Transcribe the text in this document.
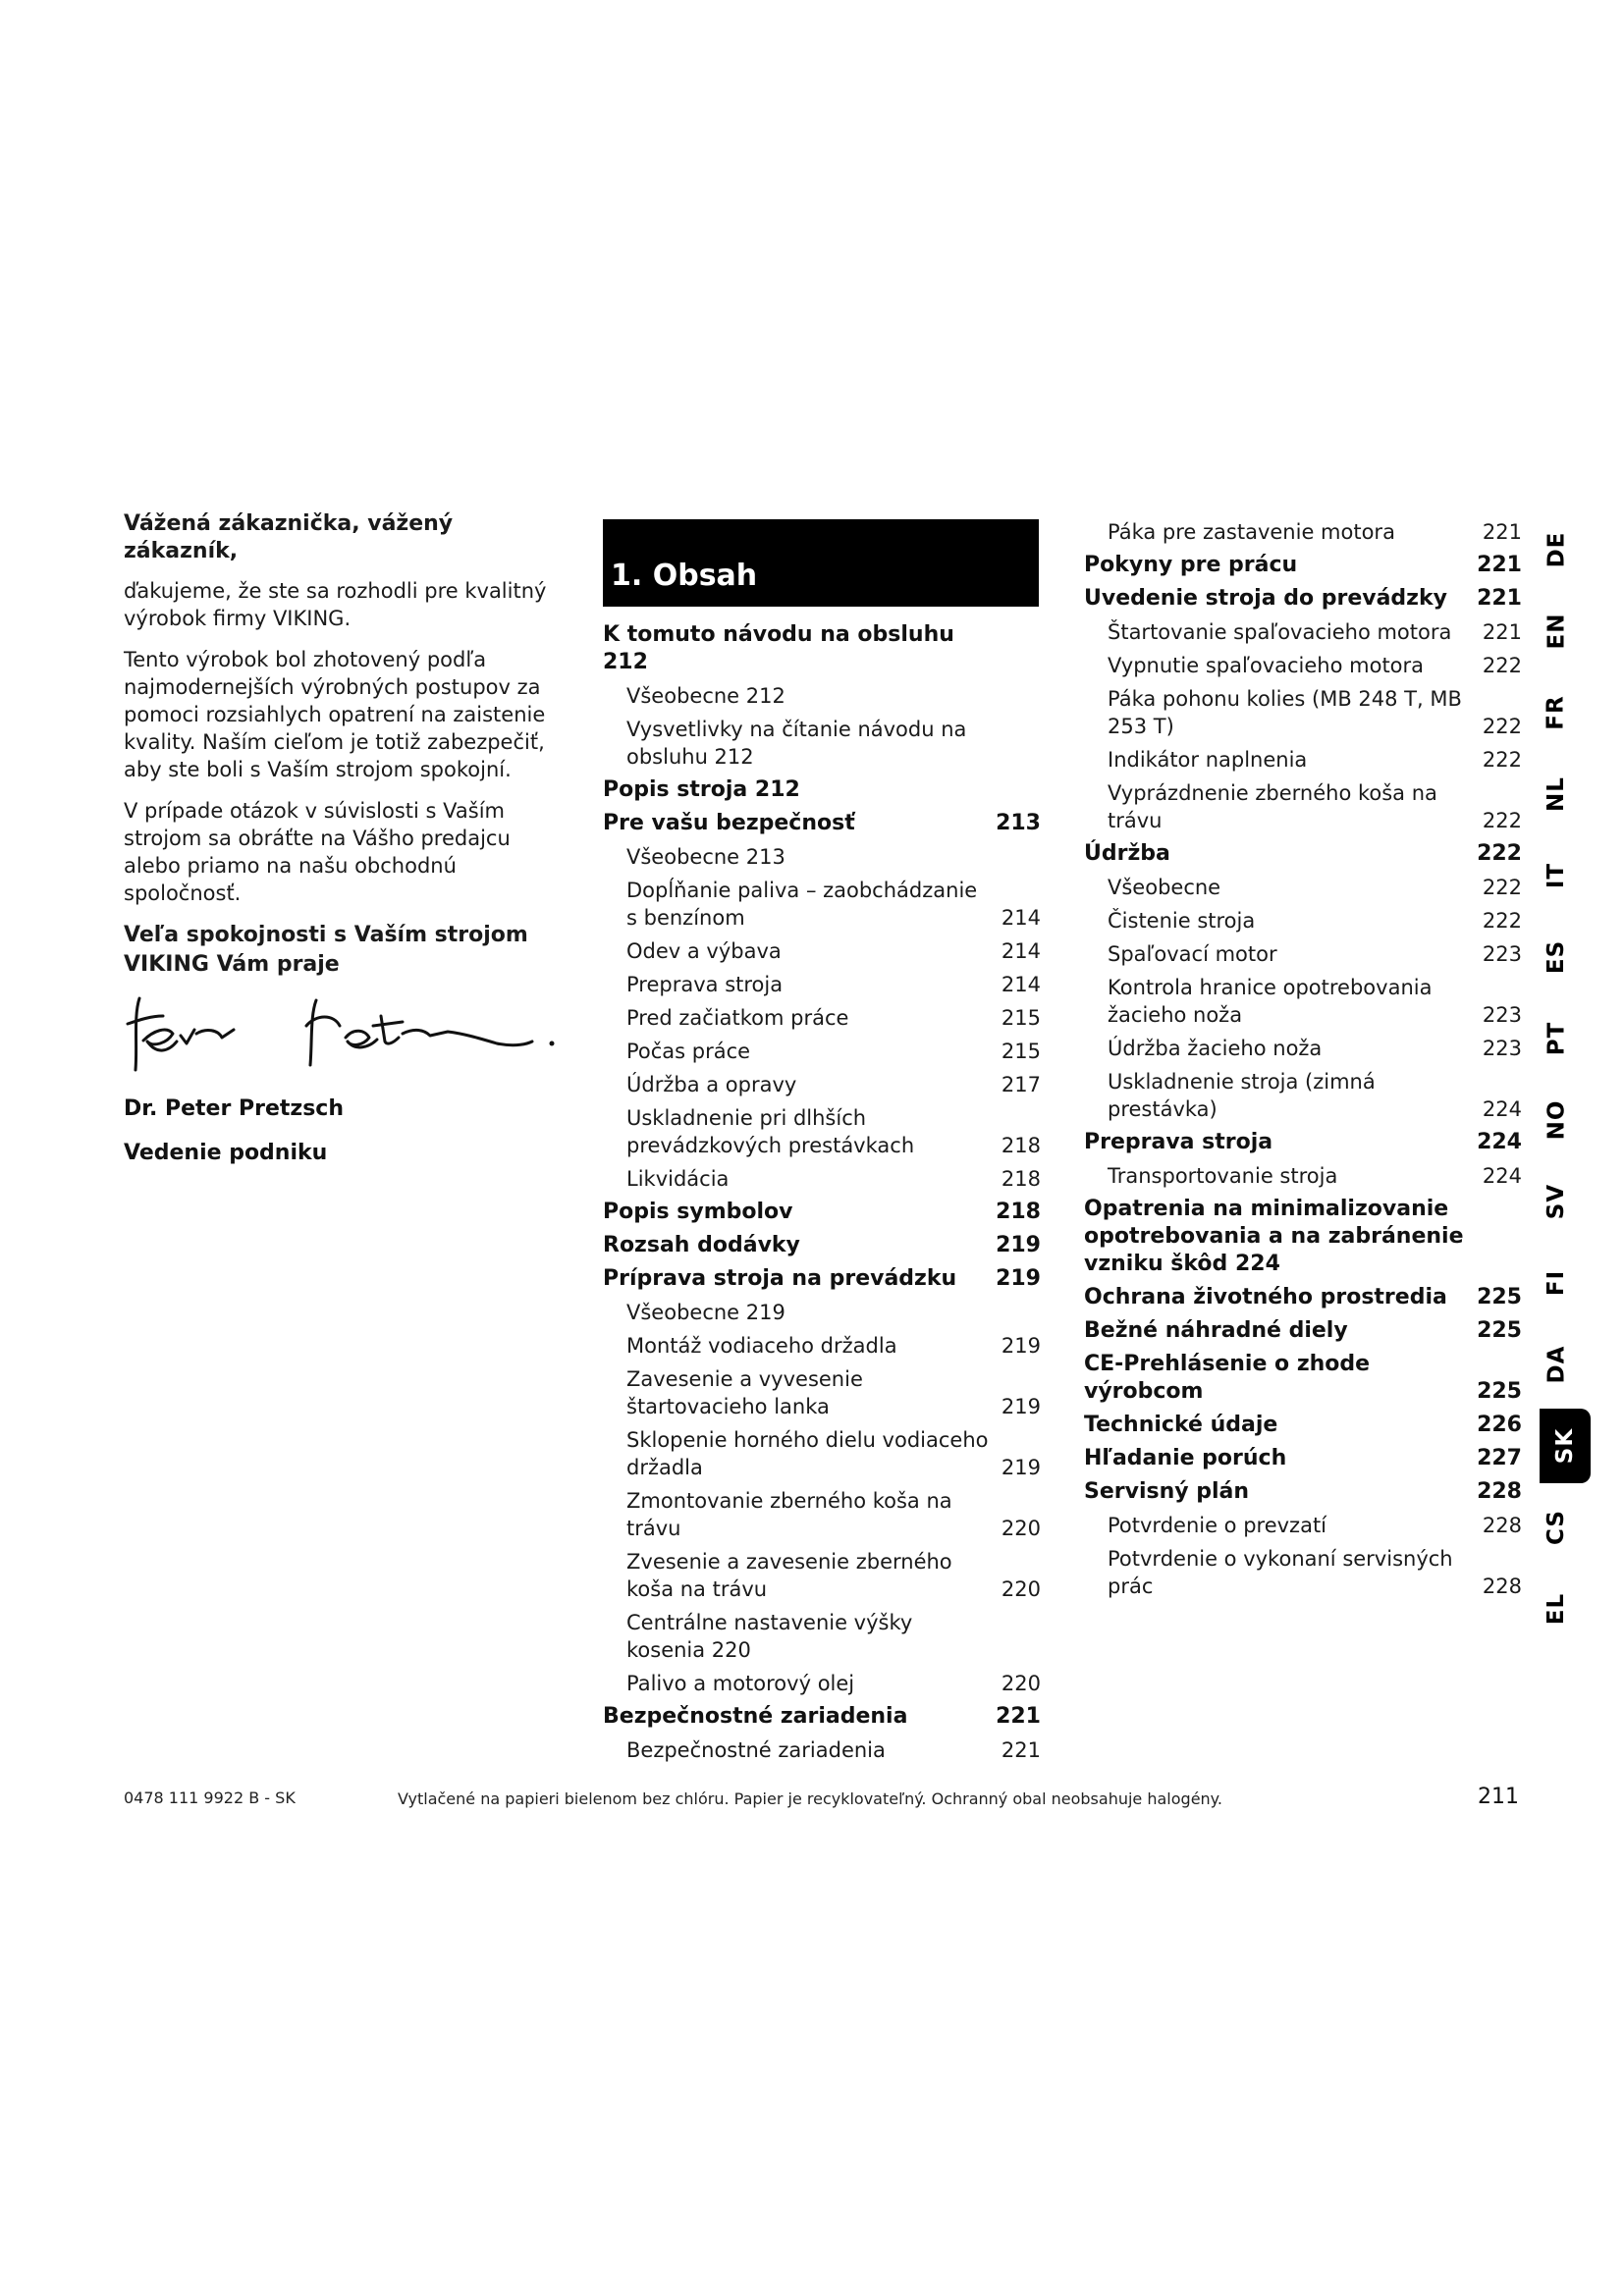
Vážená zákaznička, vážený zákazník,

ďakujeme, že ste sa rozhodli pre kvalitný výrobok firmy VIKING.

Tento výrobok bol zhotovený podľa najmodernejších výrobných postupov za pomoci rozsiahlych opatrení na zaistenie kvality. Naším cieľom je totiž zabezpečiť, aby ste boli s Vaším strojom spokojní.

V prípade otázok v súvislosti s Vaším strojom sa obráťte na Vášho predajcu alebo priamo na našu obchodnú spoločnosť.

Veľa spokojnosti s Vaším strojom VIKING Vám praje

Dr. Peter Pretzsch
Vedenie podniku
1. Obsah
K tomuto návodu na obsluhu 212
Všeobecne 212
Vysvetlivky na čítanie návodu na obsluhu 212
Popis stroja 212
Pre vašu bezpečnosť	213
Všeobecne 213
Dopĺňanie paliva – zaobchádzanie s benzínom	214
Odev a výbava	214
Preprava stroja	214
Pred začiatkom práce	215
Počas práce	215
Údržba a opravy	217
Uskladnenie pri dlhších prevádzkových prestávkach	218
Likvidácia	218
Popis symbolov	218
Rozsah dodávky	219
Príprava stroja na prevádzku	219
Všeobecne 219
Montáž vodiaceho držadla	219
Zavesenie a vyvesenie štartovacieho lanka	219
Sklopenie horného dielu vodiaceho držadla	219
Zmontovanie zberného koša na trávu	220
Zvesenie a zavesenie zberného koša na trávu	220
Centrálne nastavenie výšky kosenia 220
Palivo a motorový olej	220
Bezpečnostné zariadenia	221
Bezpečnostné zariadenia	221
Páka pre zastavenie motora	221
Pokyny pre prácu	221
Uvedenie stroja do prevádzky	221
Štartovanie spaľovacieho motora	221
Vypnutie spaľovacieho motora	222
Páka pohonu kolies (MB 248 T, MB 253 T)	222
Indikátor naplnenia	222
Vyprázdnenie zberného koša na trávu	222
Údržba	222
Všeobecne	222
Čistenie stroja	222
Spaľovací motor	223
Kontrola hranice opotrebovania žacieho noža	223
Údržba žacieho noža	223
Uskladnenie stroja (zimná prestávka)	224
Preprava stroja	224
Transportovanie stroja	224
Opatrenia na minimalizovanie opotrebovania a na zabránenie vzniku škôd 224
Ochrana životného prostredia	225
Bežné náhradné diely	225
CE-Prehlásenie o zhode výrobcom	225
Technické údaje	226
Hľadanie porúch	227
Servisný plán	228
Potvrdenie o prevzatí	228
Potvrdenie o vykonaní servisných prác	228
DE
EN
FR
NL
IT
ES
PT
NO
SV
FI
DA
SK
CS
EL
0478 111 9922 B - SK	Vytlačené na papieri bielenom bez chlóru. Papier je recyklovateľný. Ochranný obal neobsahuje halogény.	211
